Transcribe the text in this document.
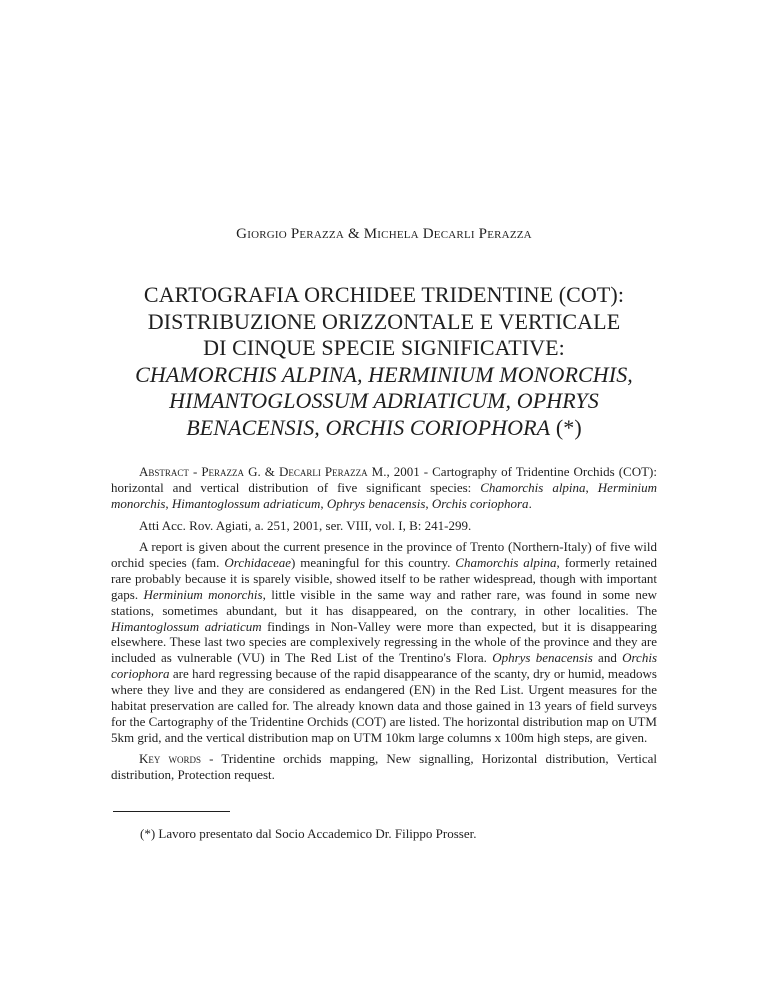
Giorgio Perazza & Michela Decarli Perazza
CARTOGRAFIA ORCHIDEE TRIDENTINE (COT):
DISTRIBUZIONE ORIZZONTALE E VERTICALE
DI CINQUE SPECIE SIGNIFICATIVE:
CHAMORCHIS ALPINA, HERMINIUM MONORCHIS,
HIMANTOGLOSSUM ADRIATICUM, OPHRYS
BENACENSIS, ORCHIS CORIOPHORA (*)

Abstract - Perazza G. & Decarli Perazza M., 2001 - Cartography of Tridentine Orchids (COT): horizontal and vertical distribution of five significant species: Chamorchis alpina, Herminium monorchis, Himantoglossum adriaticum, Ophrys benacensis, Orchis coriophora.

Atti Acc. Rov. Agiati, a. 251, 2001, ser. VIII, vol. I, B: 241-299.

A report is given about the current presence in the province of Trento (Northern-Italy) of five wild orchid species (fam. Orchidaceae) meaningful for this country. Chamorchis alpina, formerly retained rare probably because it is sparely visible, showed itself to be rather widespread, though with important gaps. Herminium monorchis, little visible in the same way and rather rare, was found in some new stations, sometimes abundant, but it has disappeared, on the contrary, in other localities. The Himantoglossum adriaticum findings in Non-Valley were more than expected, but it is disappearing elsewhere. These last two species are complexively regressing in the whole of the province and they are included as vulnerable (VU) in The Red List of the Trentino's Flora. Ophrys benacensis and Orchis coriophora are hard regressing because of the rapid disappearance of the scanty, dry or humid, meadows where they live and they are considered as endangered (EN) in the Red List. Urgent measures for the habitat preservation are called for. The already known data and those gained in 13 years of field surveys for the Cartography of the Tridentine Orchids (COT) are listed. The horizontal distribution map on UTM 5km grid, and the vertical distribution map on UTM 10km large columns x 100m high steps, are given.

Key words - Tridentine orchids mapping, New signalling, Horizontal distribution, Vertical distribution, Protection request.

(*) Lavoro presentato dal Socio Accademico Dr. Filippo Prosser.
